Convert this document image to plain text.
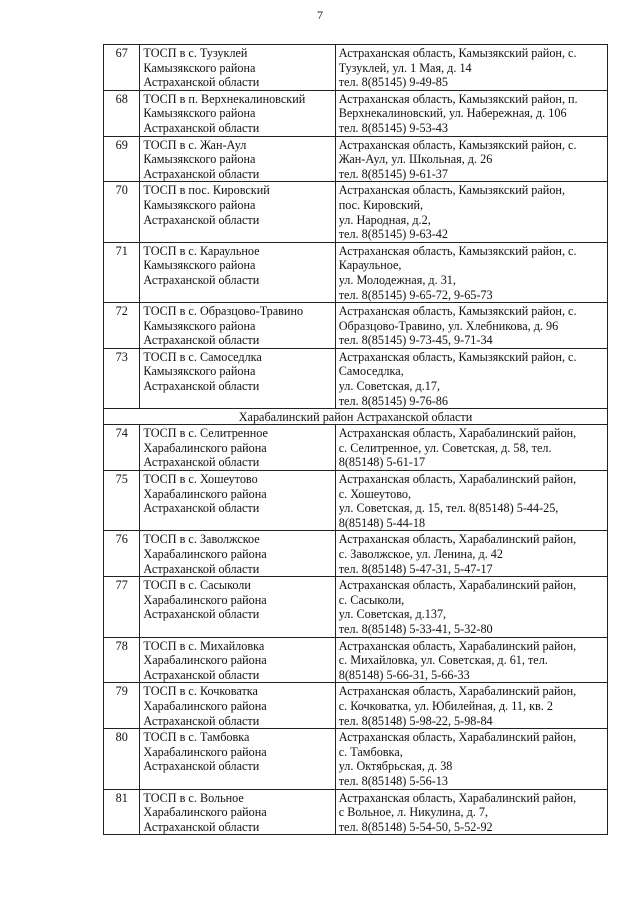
7
67	ТОСП в с. Тузуклей
Камызякского района
Астраханской области	Астраханская область, Камызякский район, с.
Тузуклей, ул. 1 Мая, д. 14
тел. 8(85145) 9-49-85

68	ТОСП в п. Верхнекалиновский
Камызякского района
Астраханской области	Астраханская область, Камызякский район, п.
Верхнекалиновский, ул. Набережная, д. 106
тел. 8(85145) 9-53-43

69	ТОСП в с. Жан-Аул
Камызякского района
Астраханской области	Астраханская область, Камызякский район, с.
Жан-Аул, ул. Школьная, д. 26
тел. 8(85145) 9-61-37

70	ТОСП в пос. Кировский
Камызякского района
Астраханской области	Астраханская область, Камызякский район,
пос. Кировский,
ул. Народная, д.2,
тел. 8(85145) 9-63-42

71	ТОСП в с. Караульное
Камызякского района
Астраханской области	Астраханская область, Камызякский район, с.
Караульное,
ул. Молодежная, д. 31,
тел. 8(85145) 9-65-72, 9-65-73

72	ТОСП в с. Образцово-Травино
Камызякского района
Астраханской области	Астраханская область, Камызякский район, с.
Образцово-Травино, ул. Хлебникова, д. 96
тел. 8(85145) 9-73-45, 9-71-34

73	ТОСП в с. Самоседлка
Камызякского района
Астраханской области	Астраханская область, Камызякский район, с.
Самоседлка,
ул. Советская, д.17,
тел. 8(85145) 9-76-86

Харабалинский район Астраханской области		
74	ТОСП в с. Селитренное
Харабалинского района
Астраханской области	Астраханская область, Харабалинский район,
с. Селитренное, ул. Советская, д. 58, тел.
8(85148) 5-61-17

75	ТОСП в с. Хошеутово
Харабалинского района
Астраханской области	Астраханская область, Харабалинский район,
с. Хошеутово,
ул. Советская, д. 15, тел. 8(85148) 5-44-25,
8(85148) 5-44-18

76	ТОСП в с. Заволжское
Харабалинского района
Астраханской области	Астраханская область, Харабалинский район,
с. Заволжское, ул. Ленина, д. 42
тел. 8(85148) 5-47-31, 5-47-17

77	ТОСП в с. Сасыколи
Харабалинского района
Астраханской области	Астраханская область, Харабалинский район,
с. Сасыколи,
ул. Советская, д.137,
тел. 8(85148) 5-33-41, 5-32-80

78	ТОСП в с. Михайловка
Харабалинского района
Астраханской области	Астраханская область, Харабалинский район,
с. Михайловка, ул. Советская, д. 61, тел.
8(85148) 5-66-31, 5-66-33

79	ТОСП в с. Кочковатка
Харабалинского района
Астраханской области	Астраханская область, Харабалинский район,
с. Кочковатка, ул. Юбилейная, д. 11, кв. 2
тел. 8(85148) 5-98-22, 5-98-84

80	ТОСП в с. Тамбовка
Харабалинского района
Астраханской области	Астраханская область, Харабалинский район,
с. Тамбовка,
ул. Октябрьская, д. 38
тел. 8(85148) 5-56-13

81	ТОСП в с. Вольное
Харабалинского района
Астраханской области	Астраханская область, Харабалинский район,
с Вольное, л. Никулина, д. 7,
тел. 8(85148) 5-54-50, 5-52-92
